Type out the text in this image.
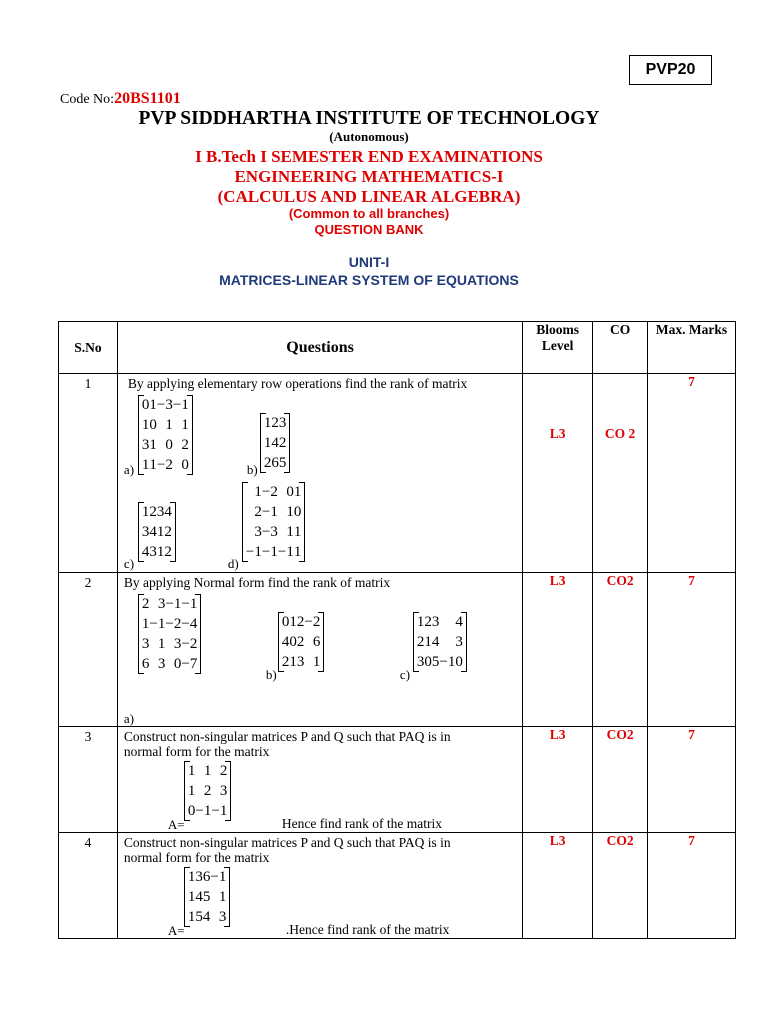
PVP20
Code No:20BS1101
PVP SIDDHARTHA INSTITUTE OF TECHNOLOGY
(Autonomous)
I B.Tech I SEMESTER END EXAMINATIONS
ENGINEERING MATHEMATICS-I
(CALCULUS AND LINEAR ALGEBRA)
(Common to all branches)
QUESTION BANK
UNIT-I
MATRICES-LINEAR SYSTEM OF EQUATIONS
S.No	Questions	Blooms Level	CO	Max. Marks
1	By applying elementary row operations find the rank of matrix
0	1	−3	−1
1	0	1	1
3	1	0	2
1	1	−2	0
a)
1	2	3
1	4	2
2	6	5
b)
1	2	3	4
3	4	1	2
4	3	1	2
c)
1	−2	0	1
2	−1	1	0
3	−3	1	1
−1	−1	−1	1
d)
	L3	CO 2	7
2	By applying Normal form find the rank of matrix
2	3	−1	−1
1	−1	−2	−4
3	1	3	−2
6	3	0	−7
a)
0	1	2	−2
4	0	2	6
2	1	3	1
b)
1	2	3	4
2	1	4	3
3	0	5	−10
c)
	L3	CO2	7
3	Construct non-singular matrices P and Q such that PAQ is in
normal form for the matrix
A=
1	1	2
1	2	3
0	−1	−1
Hence find rank of the matrix
	L3	CO2	7
4	Construct non-singular matrices P and Q such that PAQ is in
normal form for the matrix
A=
1	3	6	−1
1	4	5	1
1	5	4	3
.Hence find rank of the matrix
	L3	CO2	7
